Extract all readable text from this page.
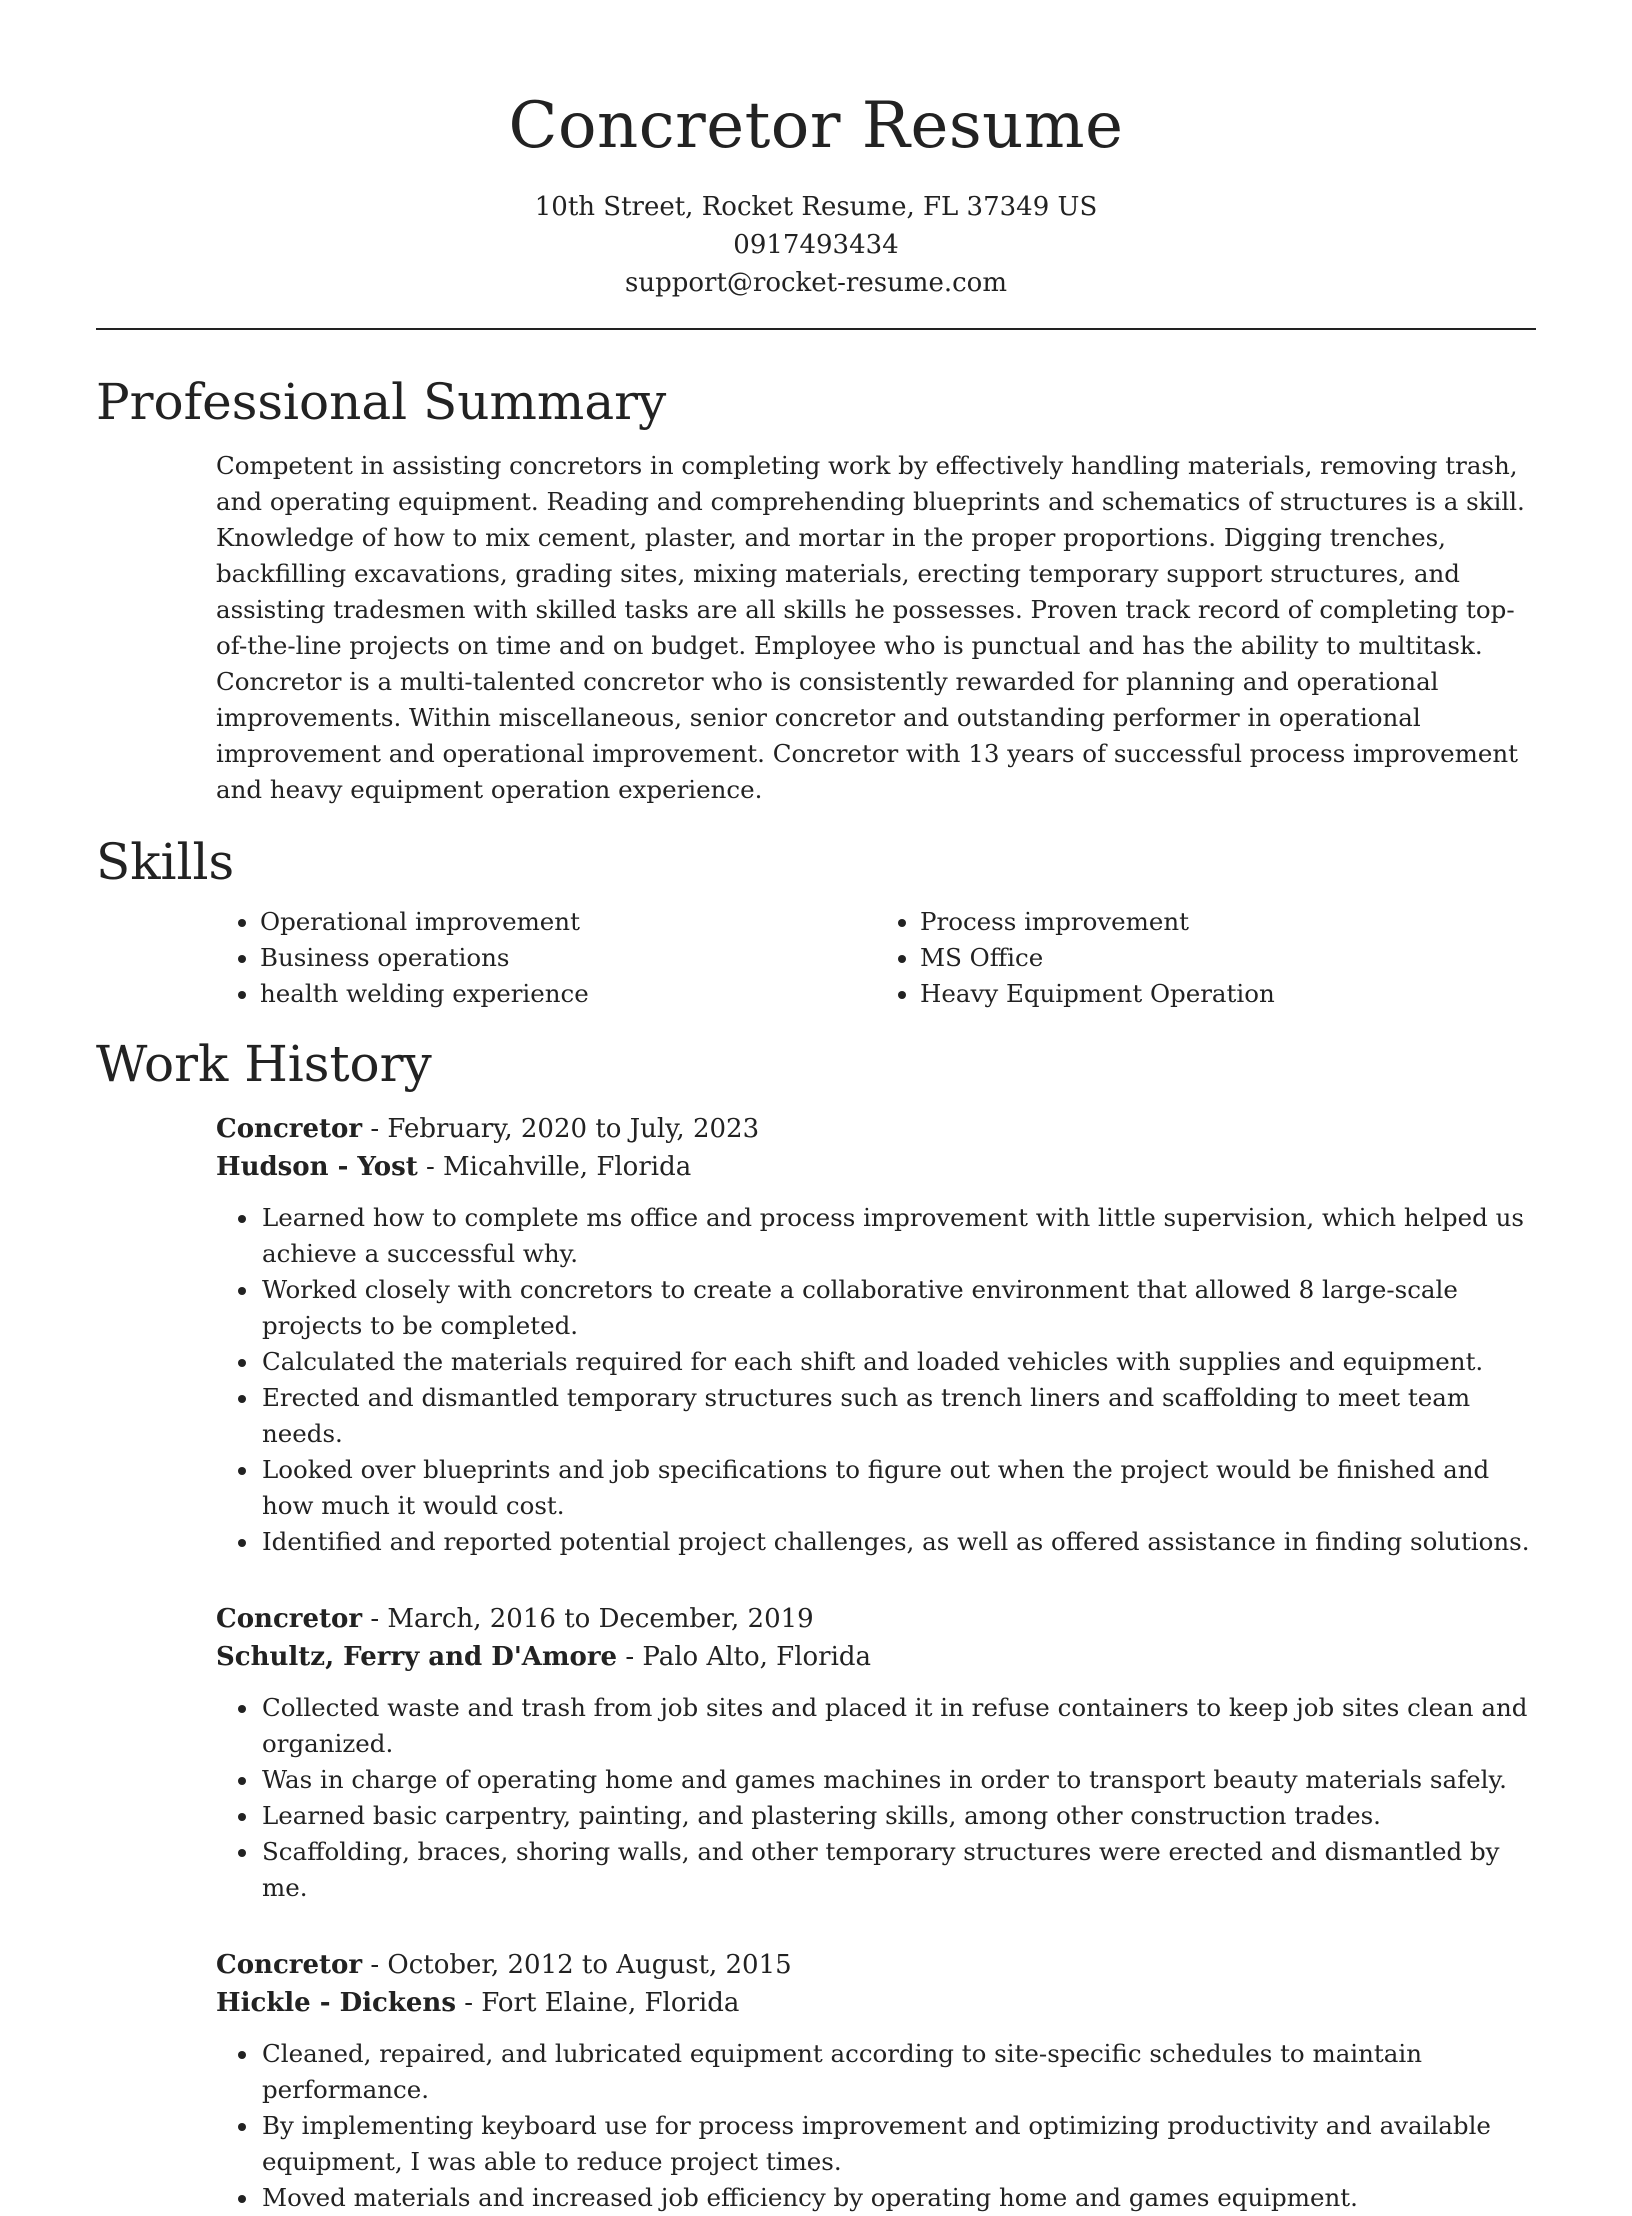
Concretor Resume
10th Street, Rocket Resume, FL 37349 US
0917493434
support@rocket-resume.com
Professional Summary

Competent in assisting concretors in completing work by effectively handling materials, removing trash, and operating equipment. Reading and comprehending blueprints and schematics of structures is a skill. Knowledge of how to mix cement, plaster, and mortar in the proper proportions. Digging trenches, backfilling excavations, grading sites, mixing materials, erecting temporary support structures, and assisting tradesmen with skilled tasks are all skills he possesses. Proven track record of completing top-of-the-line projects on time and on budget. Employee who is punctual and has the ability to multitask. Concretor is a multi-talented concretor who is consistently rewarded for planning and operational improvements. Within miscellaneous, senior concretor and outstanding performer in operational improvement and operational improvement. Concretor with 13 years of successful process improvement and heavy equipment operation experience.

Skills
• Operational improvement
• Business operations
• health welding experience
• Process improvement
• MS Office
• Heavy Equipment Operation
Work History
Concretor - February, 2020 to July, 2023
Hudson - Yost - Micahville, Florida
• Learned how to complete ms office and process improvement with little supervision, which helped us achieve a successful why.
• Worked closely with concretors to create a collaborative environment that allowed 8 large-scale projects to be completed.
• Calculated the materials required for each shift and loaded vehicles with supplies and equipment.
• Erected and dismantled temporary structures such as trench liners and scaffolding to meet team needs.
• Looked over blueprints and job specifications to figure out when the project would be finished and how much it would cost.
• Identified and reported potential project challenges, as well as offered assistance in finding solutions.
Concretor - March, 2016 to December, 2019
Schultz, Ferry and D'Amore - Palo Alto, Florida
• Collected waste and trash from job sites and placed it in refuse containers to keep job sites clean and organized.
• Was in charge of operating home and games machines in order to transport beauty materials safely.
• Learned basic carpentry, painting, and plastering skills, among other construction trades.
• Scaffolding, braces, shoring walls, and other temporary structures were erected and dismantled by me.
Concretor - October, 2012 to August, 2015
Hickle - Dickens - Fort Elaine, Florida
• Cleaned, repaired, and lubricated equipment according to site-specific schedules to maintain performance.
• By implementing keyboard use for process improvement and optimizing productivity and available equipment, I was able to reduce project times.
• Moved materials and increased job efficiency by operating home and games equipment.
